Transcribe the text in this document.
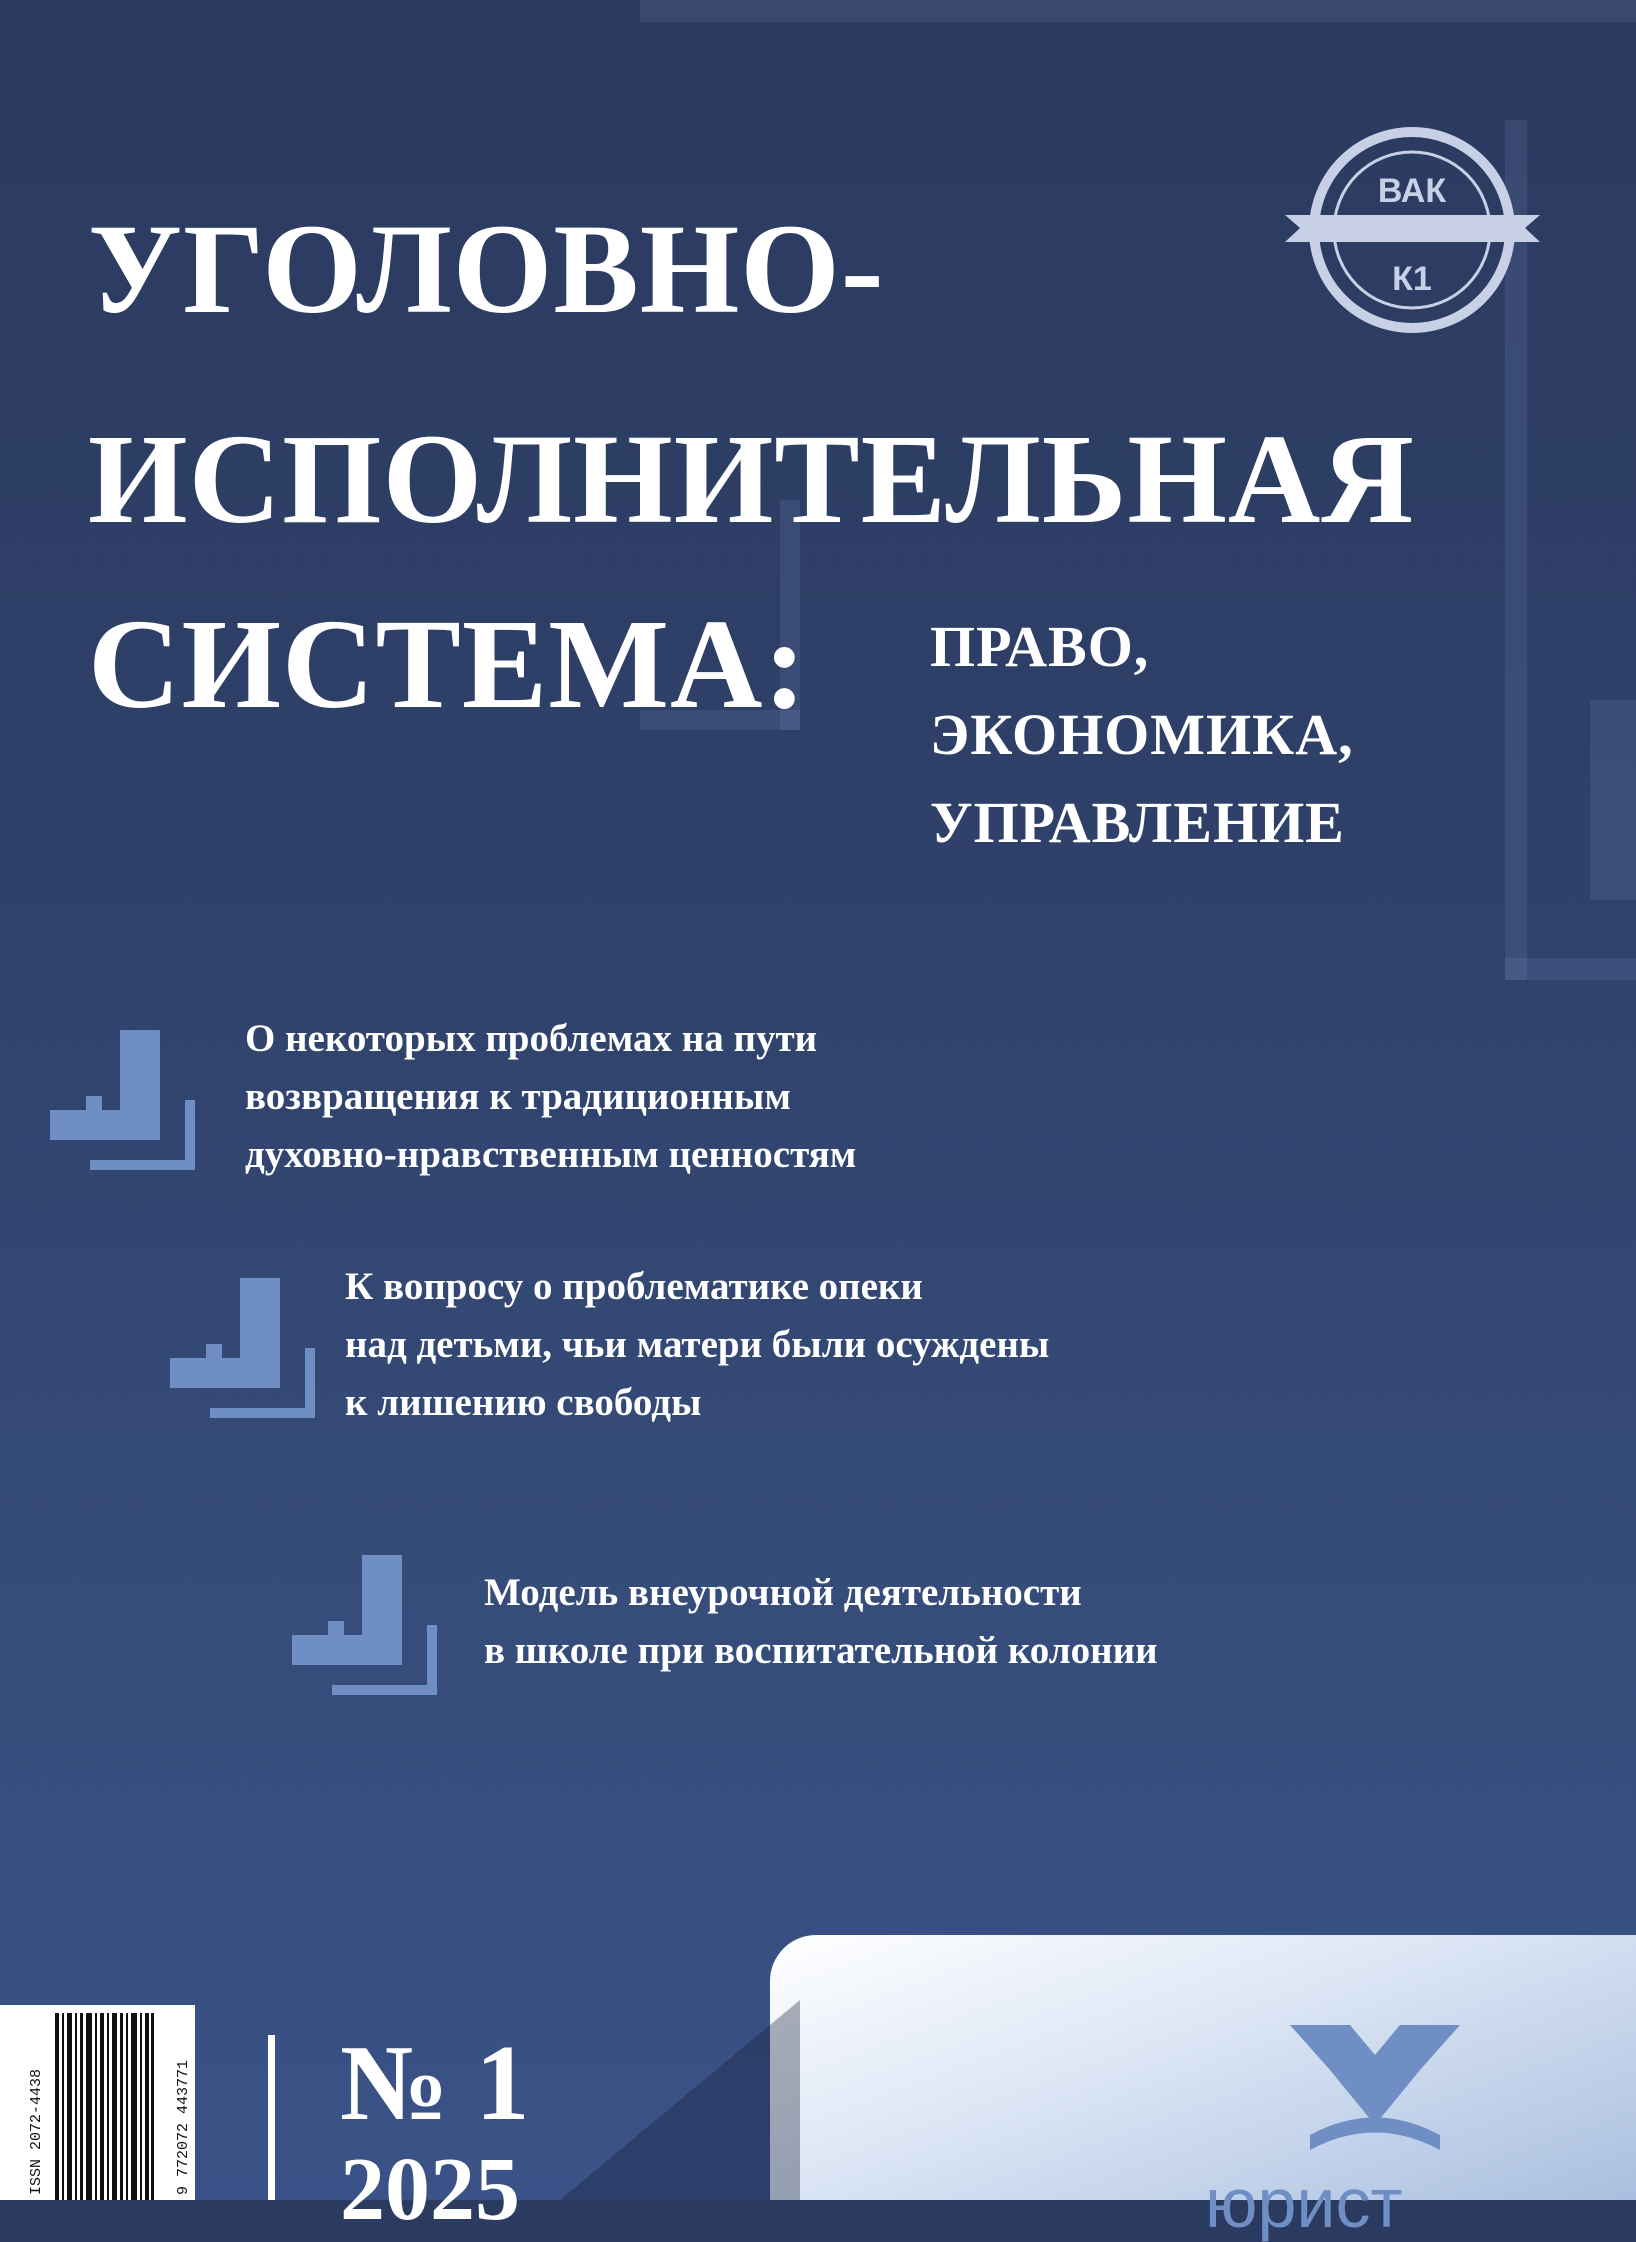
ВАК
К1
УГОЛОВНО-
ИСПОЛНИТЕЛЬНАЯ
СИСТЕМА: ПРАВО,
ЭКОНОМИКА,
УПРАВЛЕНИЕ
О некоторых проблемах на пути
возвращения к традиционным
духовно-нравственным ценностям
К вопросу о проблематике опеки
над детьми, чьи матери были осуждены
к лишению свободы
Модель внеурочной деятельности
в школе при воспитательной колонии
ISSN 2072-4438	9 772072 443771 № 1
2025	юрист
